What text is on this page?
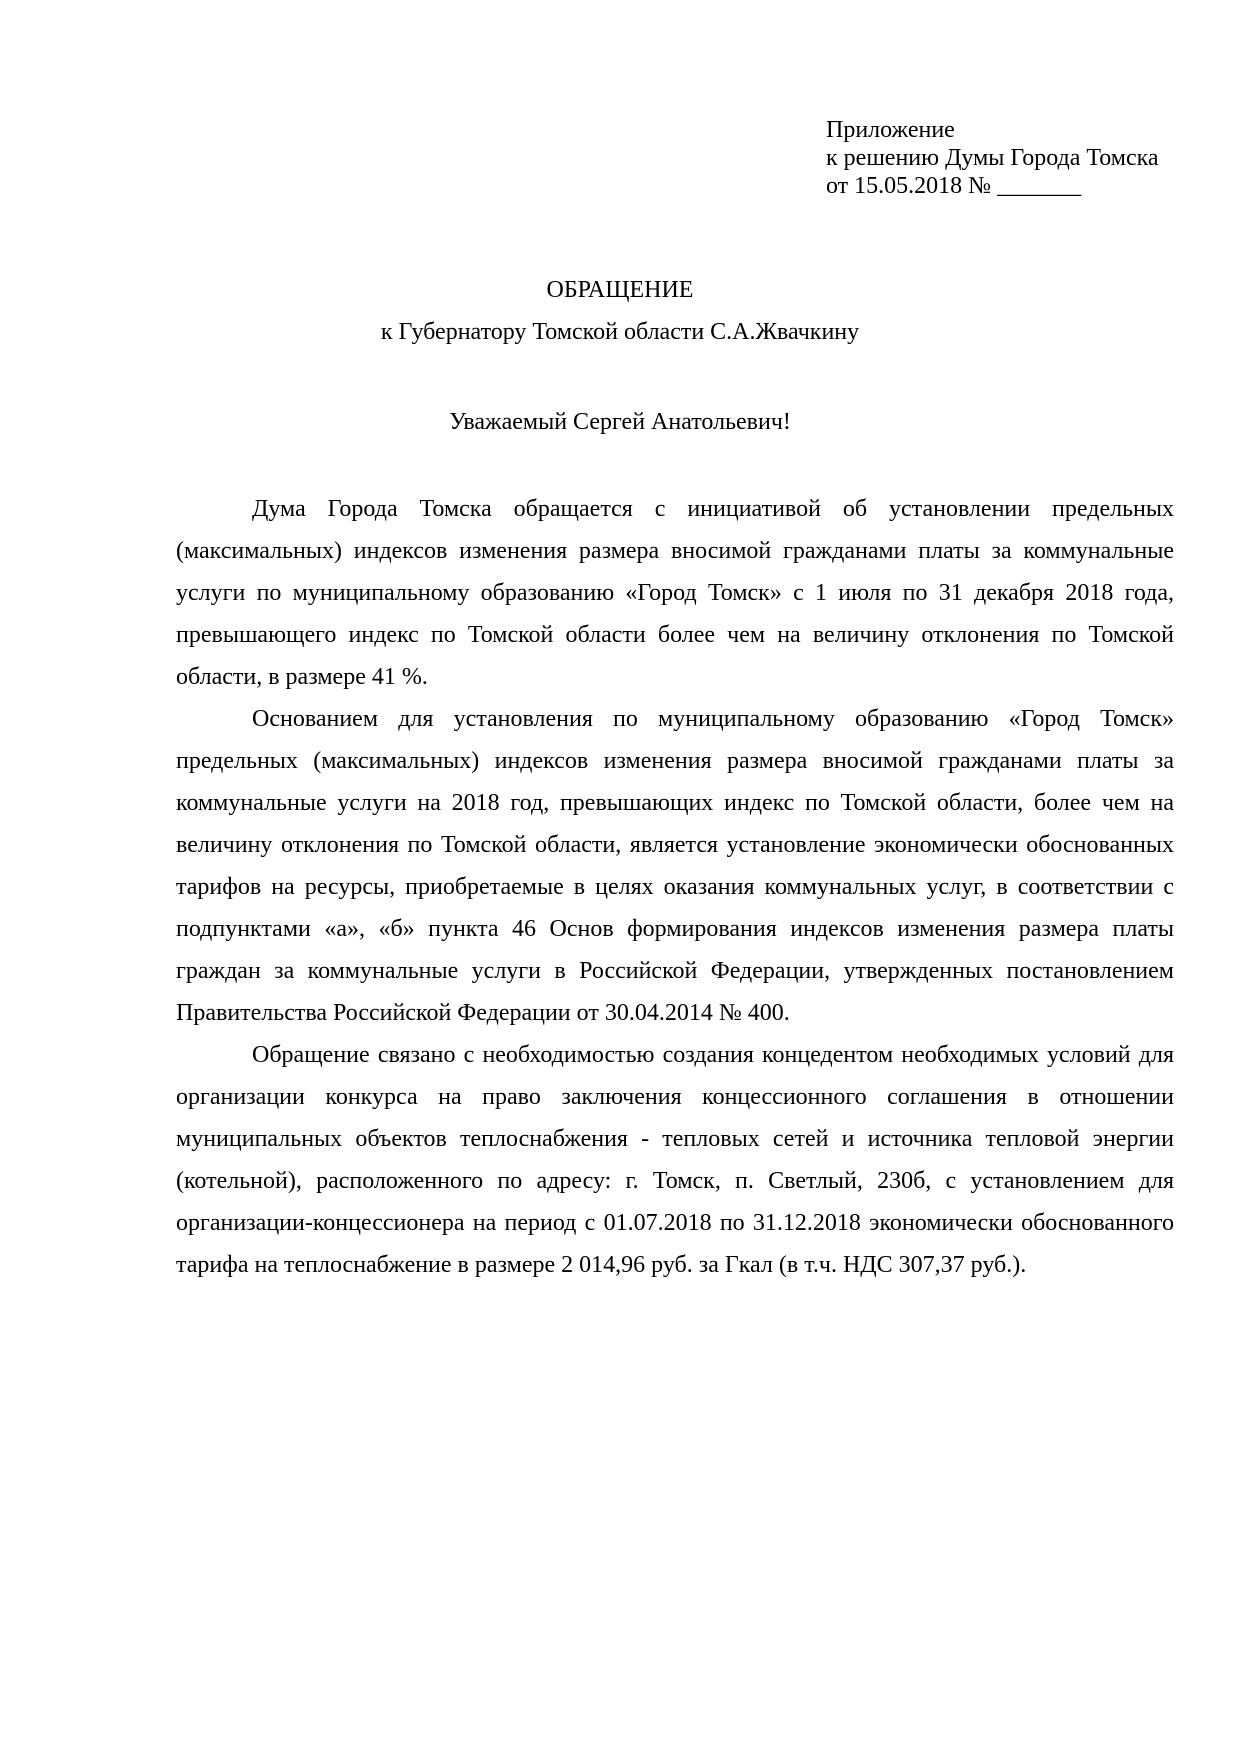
Приложение
к решению Думы Города Томска
от 15.05.2018 № _______
ОБРАЩЕНИЕ
к Губернатору Томской области С.А.Жвачкину
Уважаемый Сергей Анатольевич!

Дума Города Томска обращается с инициативой об установлении предельных (максимальных) индексов изменения размера вносимой гражданами платы за коммунальные услуги по муниципальному образованию «Город Томск» с 1 июля по 31 декабря 2018 года, превышающего индекс по Томской области более чем на величину отклонения по Томской области, в размере 41 %.

Основанием для установления по муниципальному образованию «Город Томск» предельных (максимальных) индексов изменения размера вносимой гражданами платы за коммунальные услуги на 2018 год, превышающих индекс по Томской области, более чем на величину отклонения по Томской области, является установление экономически обоснованных тарифов на ресурсы, приобретаемые в целях оказания коммунальных услуг, в соответствии с подпунктами «а», «б» пункта 46 Основ формирования индексов изменения размера платы граждан за коммунальные услуги в Российской Федерации, утвержденных постановлением Правительства Российской Федерации от 30.04.2014 № 400.

Обращение связано с необходимостью создания концедентом необходимых условий для организации конкурса на право заключения концессионного соглашения в отношении муниципальных объектов теплоснабжения - тепловых сетей и источника тепловой энергии (котельной), расположенного по адресу: г. Томск, п. Светлый, 230б, с установлением для организации-концессионера на период с 01.07.2018 по 31.12.2018 экономически обоснованного тарифа на теплоснабжение в размере 2 014,96 руб. за Гкал (в т.ч. НДС 307,37 руб.).
